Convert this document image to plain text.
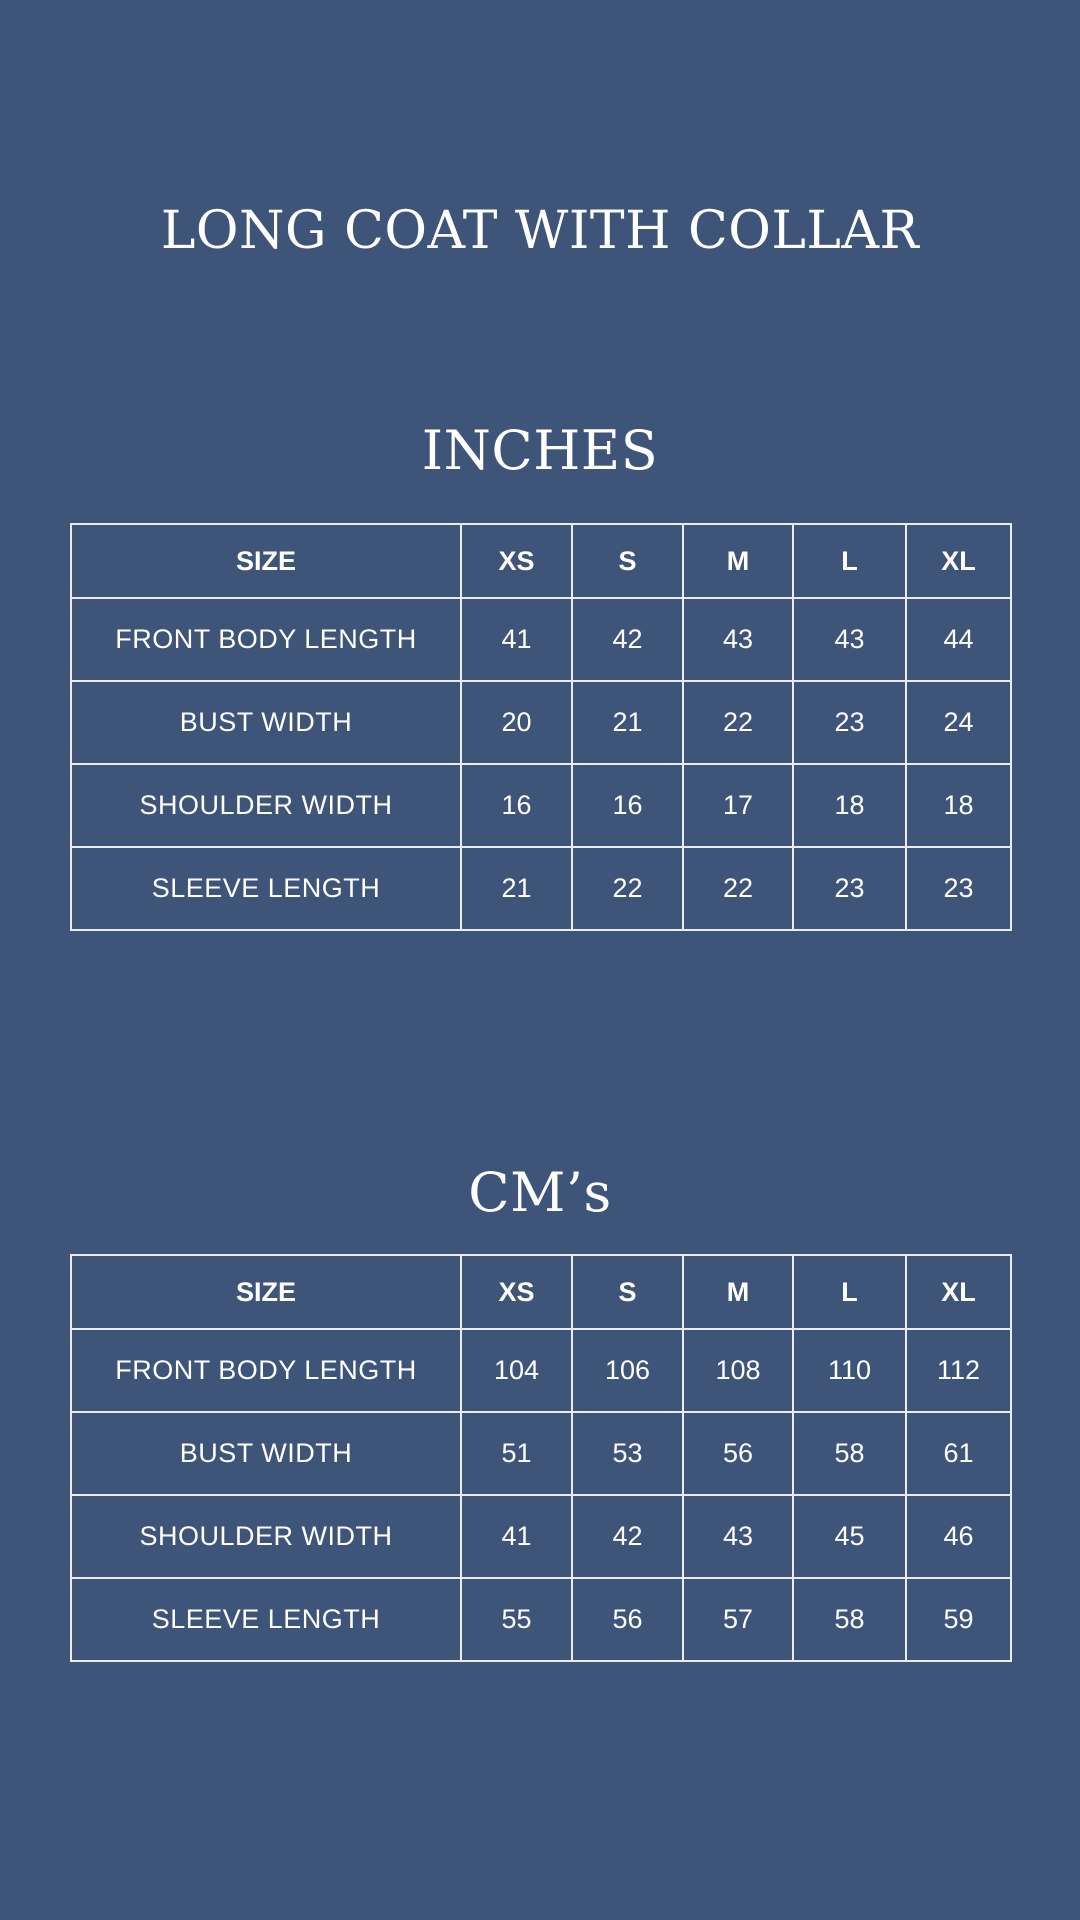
LONG COAT WITH COLLAR
INCHES
SIZE	XS	S	M	L	XL
FRONT BODY LENGTH	41	42	43	43	44
BUST WIDTH	20	21	22	23	24
SHOULDER WIDTH	16	16	17	18	18
SLEEVE LENGTH	21	22	22	23	23
CM’s
SIZE	XS	S	M	L	XL
FRONT BODY LENGTH	104	106	108	110	112
BUST WIDTH	51	53	56	58	61
SHOULDER WIDTH	41	42	43	45	46
SLEEVE LENGTH	55	56	57	58	59
